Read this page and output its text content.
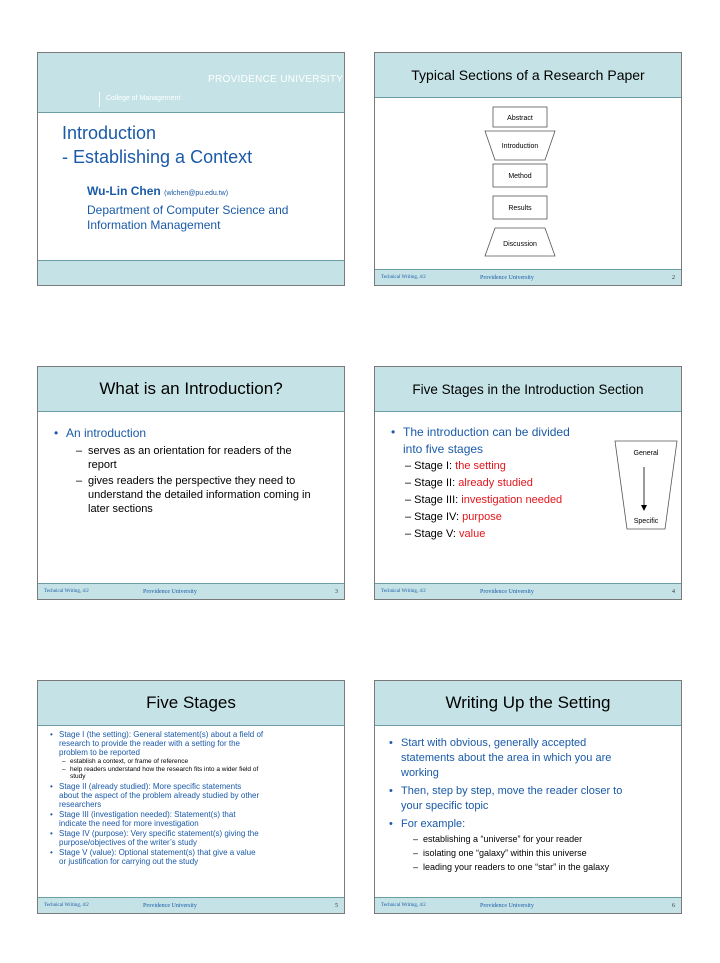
PROVIDENCE UNIVERSITY
College of Management
Introduction
- Establishing a Context
Wu-Lin Chen (wlchen@pu.edu.tw)
Department of Computer Science and
Information Management
Typical Sections of a Research Paper
Abstract
Introduction
Method
Results
Discussion
Technical Writing, 4/2	Providence University	2
What is an Introduction?
• An introduction
– serves as an orientation for readers of the
report
– gives readers the perspective they need to
understand the detailed information coming in
later sections
Technical Writing, 4/2	Providence University	3
Five Stages in the Introduction Section
• The introduction can be divided
into five stages
– Stage I: the setting
– Stage II: already studied
– Stage III: investigation needed
– Stage IV: purpose
– Stage V: value
General
Specific
Technical Writing, 4/2	Providence University	4
Five Stages
• Stage I (the setting): General statement(s) about a field of
research to provide the reader with a setting for the
problem to be reported
– establish a context, or frame of reference
– help readers understand how the research fits into a wider field of
study
• Stage II (already studied): More specific statements
about the aspect of the problem already studied by other
researchers
• Stage III (investigation needed): Statement(s) that
indicate the need for more investigation
• Stage IV (purpose): Very specific statement(s) giving the
purpose/objectives of the writer’s study
• Stage V (value): Optional statement(s) that give a value
or justification for carrying out the study
Technical Writing, 4/2	Providence University	5
Writing Up the Setting
• Start with obvious, generally accepted
statements about the area in which you are
working
• Then, step by step, move the reader closer to
your specific topic
• For example:
– establishing a “universe” for your reader
– isolating one “galaxy” within this universe
– leading your readers to one “star” in the galaxy
Technical Writing, 4/2	Providence University	6
